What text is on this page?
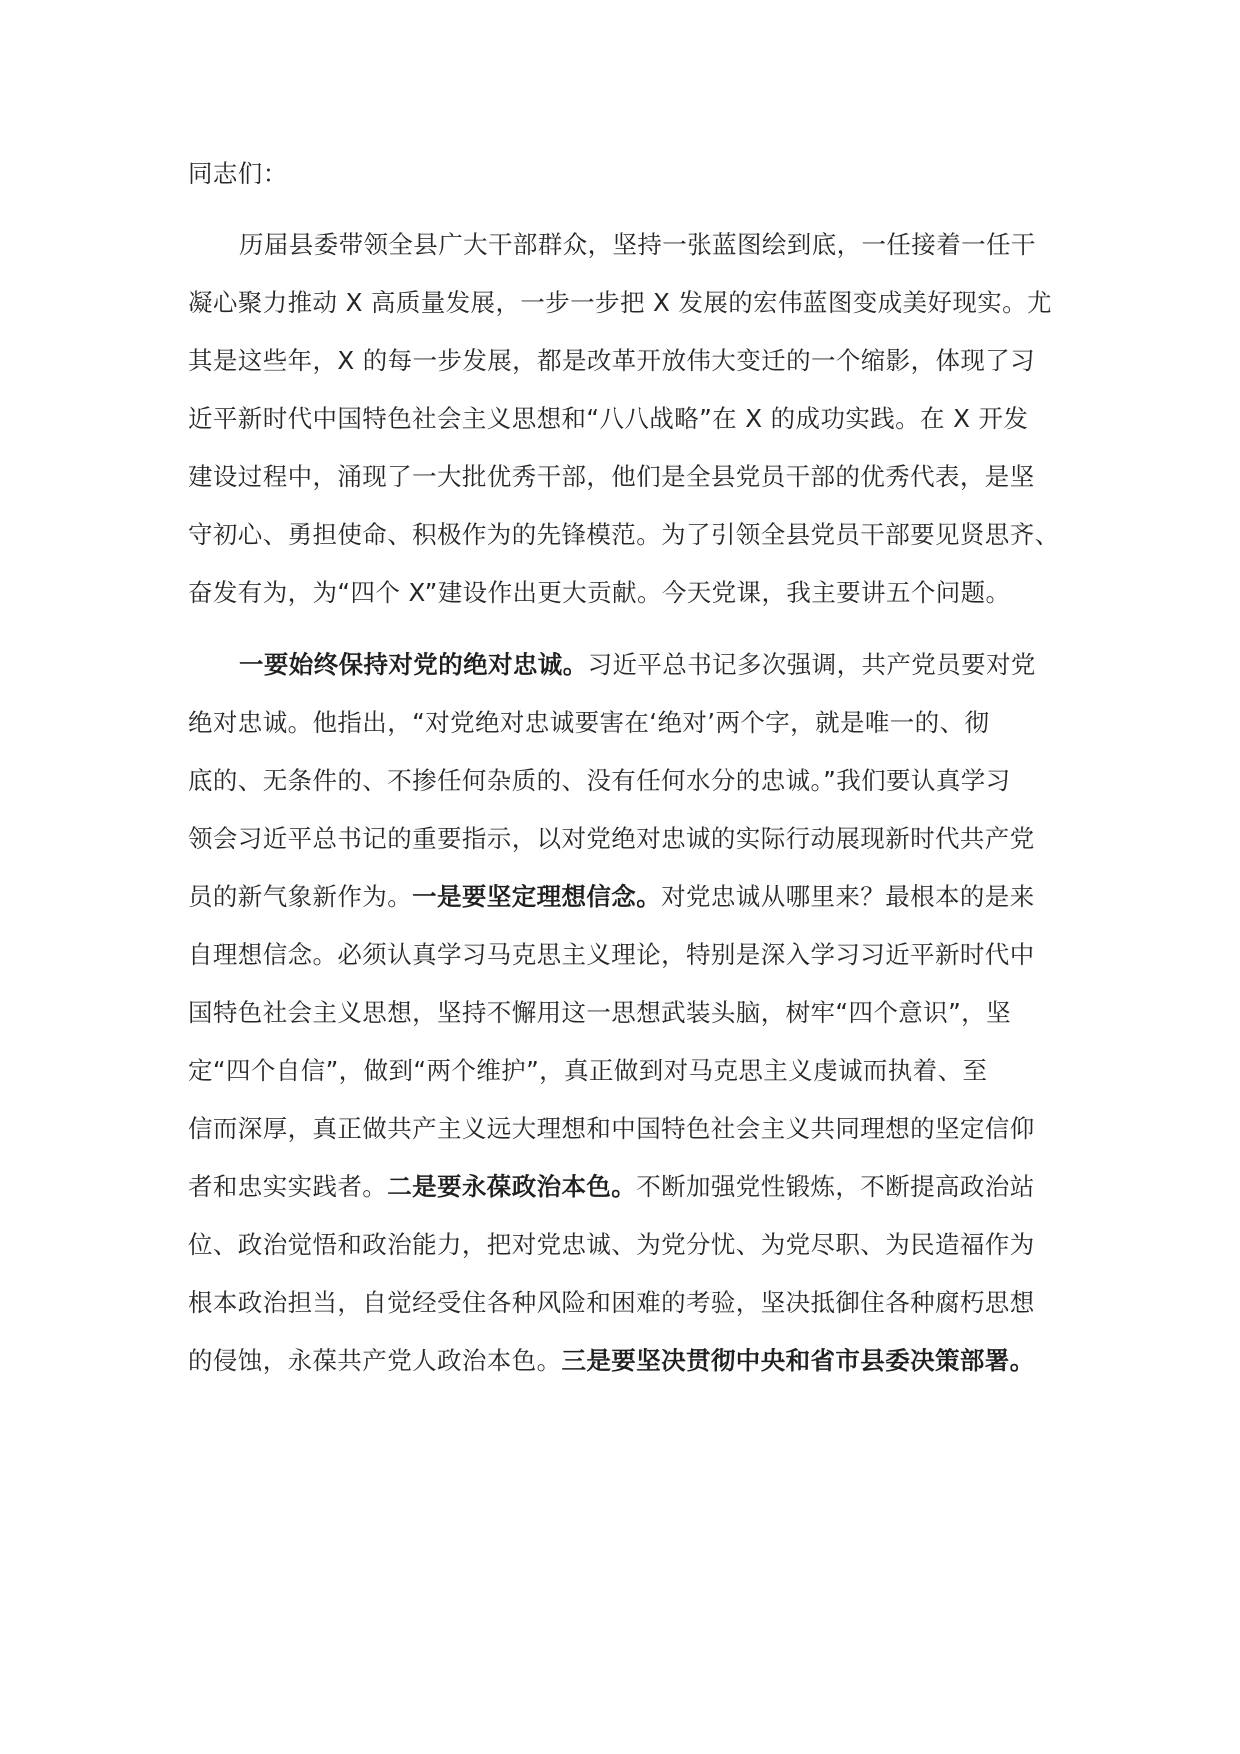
同志们：
历届县委带领全县广大干部群众，坚持一张蓝图绘到底，一任接着一任干
凝心聚力推动 X 高质量发展，一步一步把 X 发展的宏伟蓝图变成美好现实。尤
其是这些年，X 的每一步发展，都是改革开放伟大变迁的一个缩影，体现了习
近平新时代中国特色社会主义思想和“八八战略”在 X 的成功实践。在 X 开发
建设过程中，涌现了一大批优秀干部，他们是全县党员干部的优秀代表，是坚
守初心、勇担使命、积极作为的先锋模范。为了引领全县党员干部要见贤思齐、
奋发有为，为“四个 X”建设作出更大贡献。今天党课，我主要讲五个问题。
一要始终保持对党的绝对忠诚。习近平总书记多次强调，共产党员要对党
绝对忠诚。他指出，“对党绝对忠诚要害在‘绝对’两个字，就是唯一的、彻
底的、无条件的、不掺任何杂质的、没有任何水分的忠诚。”我们要认真学习
领会习近平总书记的重要指示，以对党绝对忠诚的实际行动展现新时代共产党
员的新气象新作为。一是要坚定理想信念。对党忠诚从哪里来？最根本的是来
自理想信念。必须认真学习马克思主义理论，特别是深入学习习近平新时代中
国特色社会主义思想，坚持不懈用这一思想武装头脑，树牢“四个意识”，坚
定“四个自信”，做到“两个维护”，真正做到对马克思主义虔诚而执着、至
信而深厚，真正做共产主义远大理想和中国特色社会主义共同理想的坚定信仰
者和忠实实践者。二是要永葆政治本色。不断加强党性锻炼，不断提高政治站
位、政治觉悟和政治能力，把对党忠诚、为党分忧、为党尽职、为民造福作为
根本政治担当，自觉经受住各种风险和困难的考验，坚决抵御住各种腐朽思想
的侵蚀，永葆共产党人政治本色。三是要坚决贯彻中央和省市县委决策部署。
